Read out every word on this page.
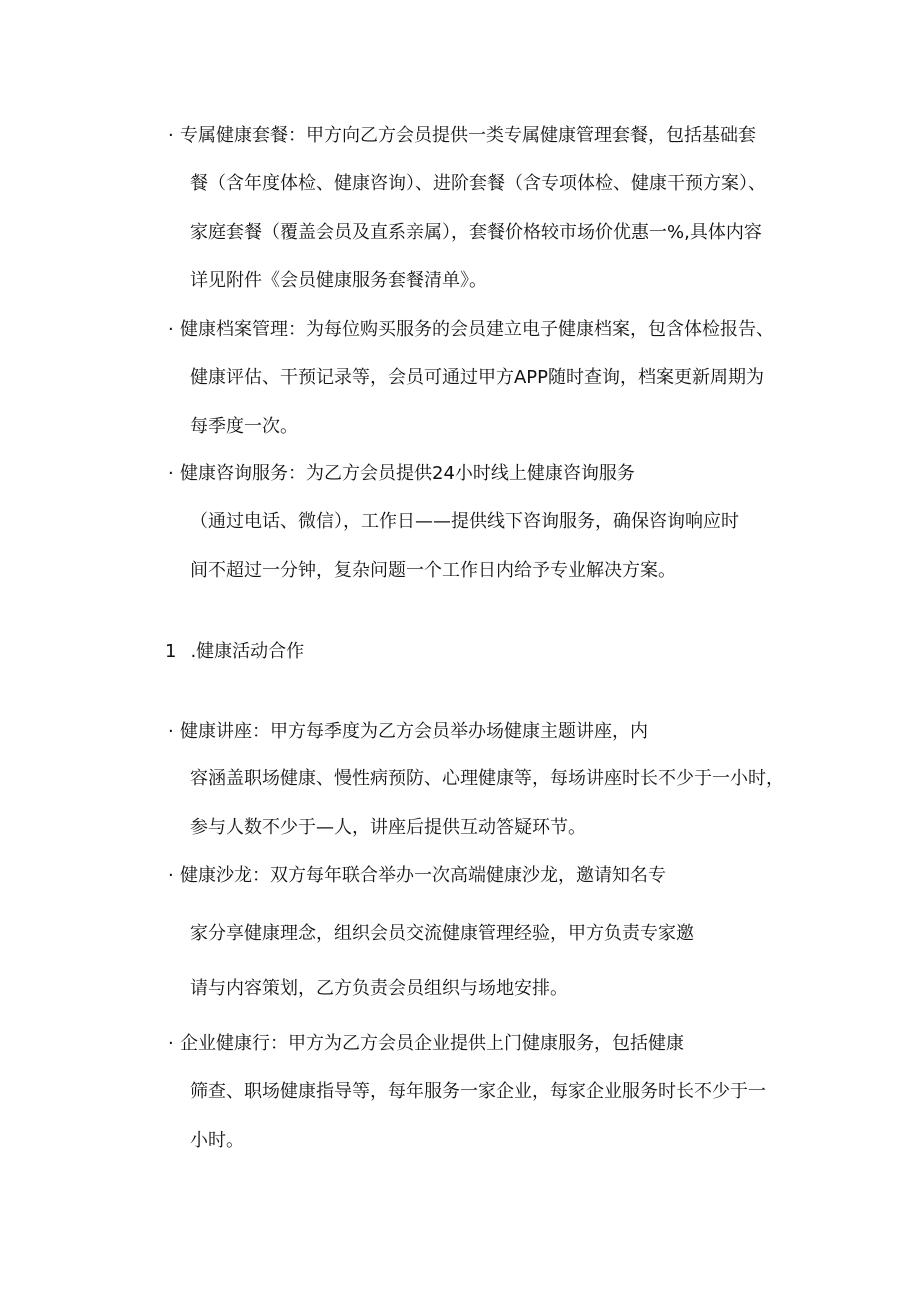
· 专属健康套餐：甲方向乙方会员提供一类专属健康管理套餐，包括基础套
餐（含年度体检、健康咨询）、进阶套餐（含专项体检、健康干预方案）、
家庭套餐（覆盖会员及直系亲属），套餐价格较市场价优惠一%,具体内容
详见附件《会员健康服务套餐清单》。
· 健康档案管理：为每位购买服务的会员建立电子健康档案，包含体检报告、
健康评估、干预记录等，会员可通过甲方APP随时查询，档案更新周期为
每季度一次。
· 健康咨询服务：为乙方会员提供24小时线上健康咨询服务
（通过电话、微信），工作日——提供线下咨询服务，确保咨询响应时
间不超过一分钟，复杂问题一个工作日内给予专业解决方案。
1 .健康活动合作
· 健康讲座：甲方每季度为乙方会员举办场健康主题讲座，内
容涵盖职场健康、慢性病预防、心理健康等，每场讲座时长不少于一小时，
参与人数不少于—人，讲座后提供互动答疑环节。
· 健康沙龙：双方每年联合举办一次高端健康沙龙，邀请知名专
家分享健康理念，组织会员交流健康管理经验，甲方负责专家邀
请与内容策划，乙方负责会员组织与场地安排。
· 企业健康行：甲方为乙方会员企业提供上门健康服务，包括健康
筛查、职场健康指导等，每年服务一家企业，每家企业服务时长不少于一
小时。
